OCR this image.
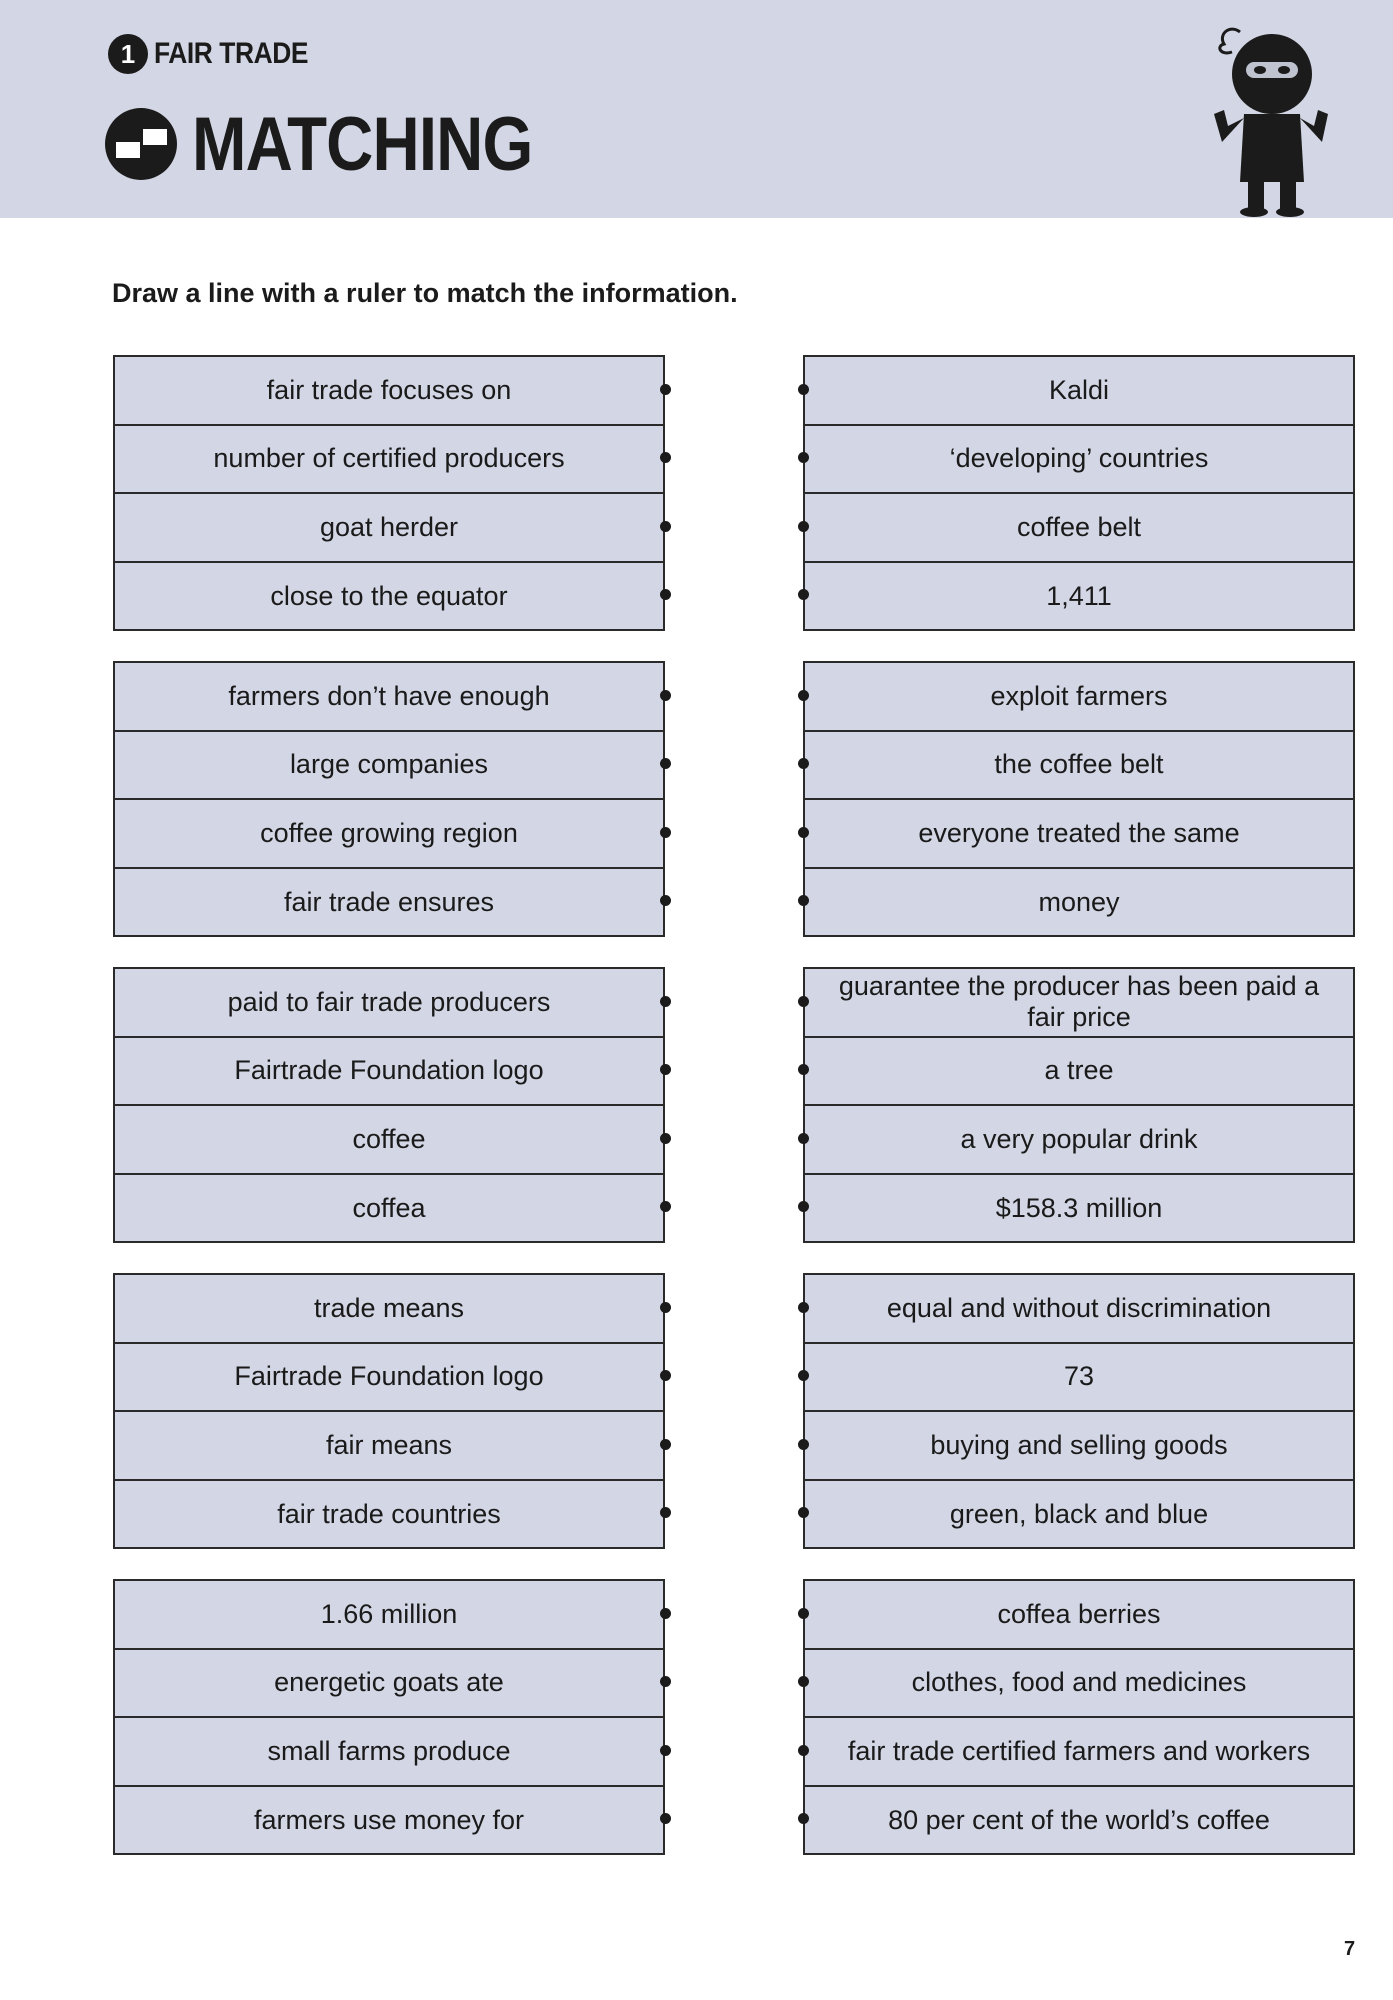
1 FAIR TRADE
MATCHING
Draw a line with a ruler to match the information.
fair trade focuses on
number of certified producers
goat herder
close to the equator
Kaldi
‘developing’ countries
coffee belt
1,411
farmers don’t have enough
large companies
coffee growing region
fair trade ensures
exploit farmers
the coffee belt
everyone treated the same
money
paid to fair trade producers
Fairtrade Foundation logo
coffee
coffea
guarantee the producer has been paid a fair price
a tree
a very popular drink
$158.3 million
trade means
Fairtrade Foundation logo
fair means
fair trade countries
equal and without discrimination
73
buying and selling goods
green, black and blue
1.66 million
energetic goats ate
small farms produce
farmers use money for
coffea berries
clothes, food and medicines
fair trade certified farmers and workers
80 per cent of the world’s coffee
7
